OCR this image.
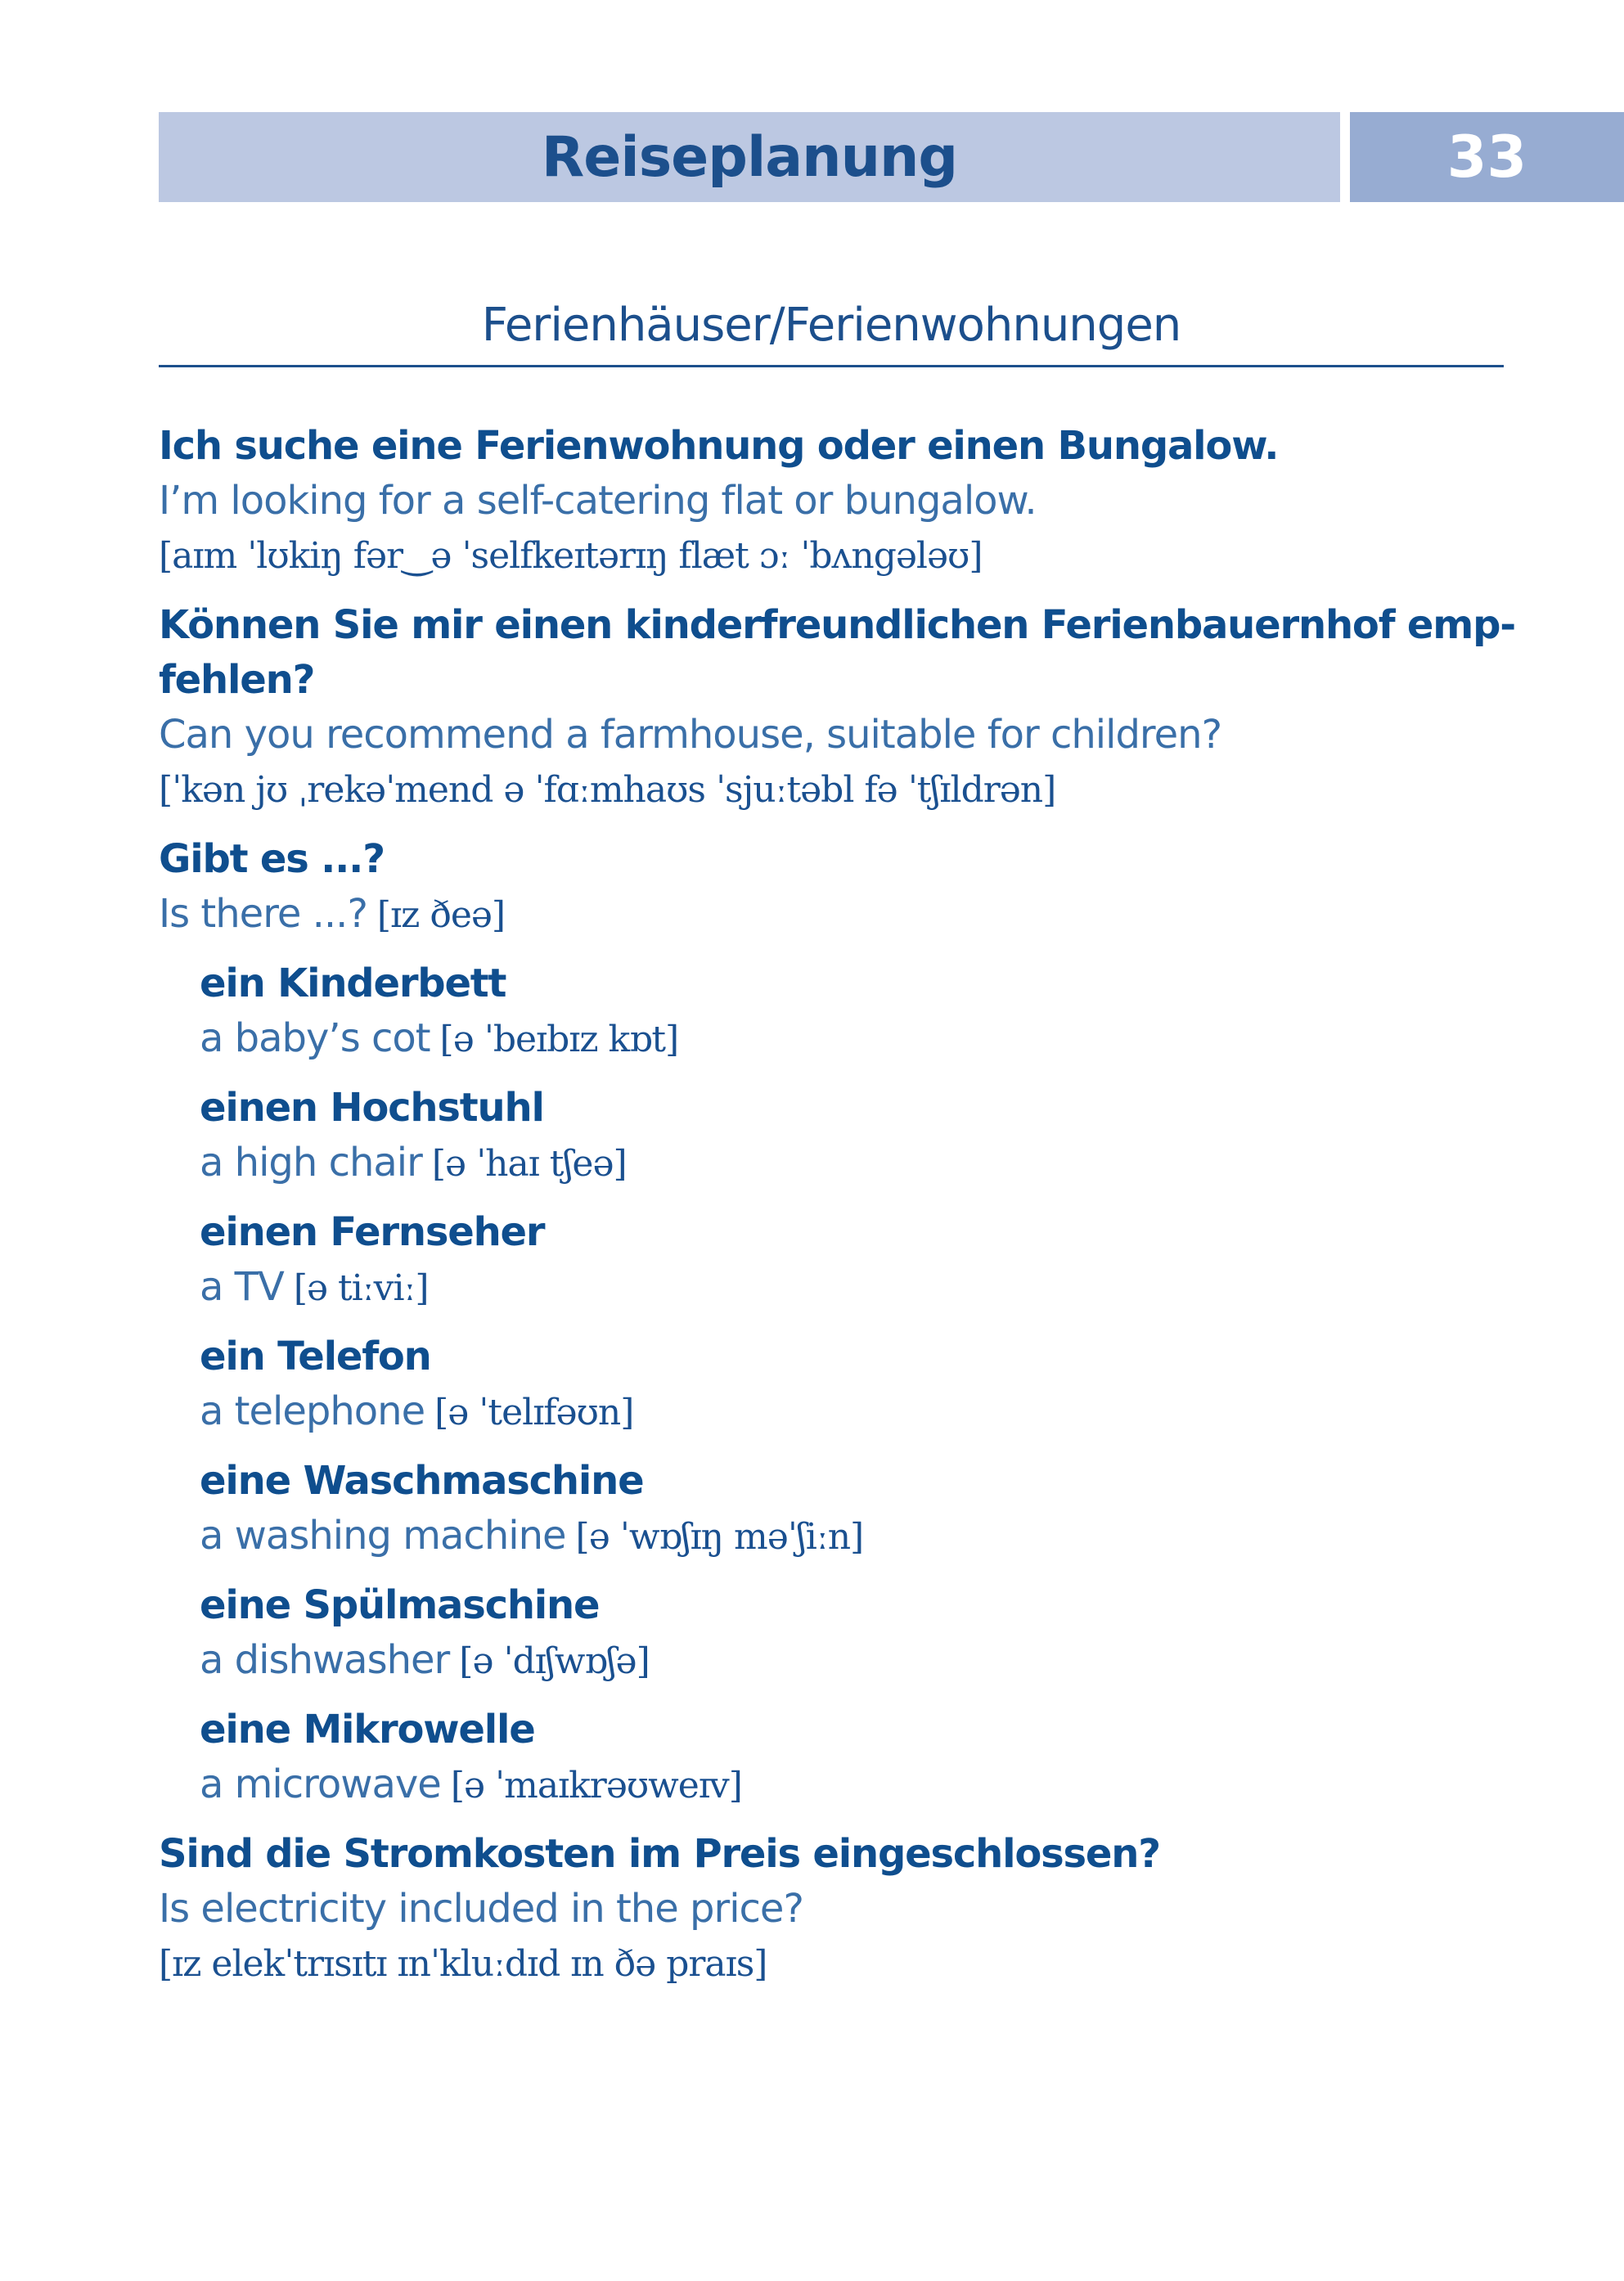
Reiseplanung	33
Ferienhäuser/Ferienwohnungen
Ich suche eine Ferienwohnung oder einen Bungalow.
I’m looking for a self-catering flat or bungalow.
[aɪm ˈlʊkiŋ fər‿ə ˈselfkeɪtərɪŋ flæt ɔː ˈbʌngələʊ]
Können Sie mir einen kinderfreundlichen Ferienbauernhof emp-
fehlen?
Can you recommend a farmhouse, suitable for children?
[ˈkən jʊ ˌrekəˈmend ə ˈfɑːmhaʊs ˈsjuːtəbl fə ˈtʃɪldrən]
Gibt es ...?
Is there ...? [ɪz ðeə]
ein Kinderbett
a baby’s cot [ə ˈbeɪbɪz kɒt]
einen Hochstuhl
a high chair [ə ˈhaɪ tʃeə]
einen Fernseher
a TV [ə tiːviː]
ein Telefon
a telephone [ə ˈtelɪfəʊn]
eine Waschmaschine
a washing machine [ə ˈwɒʃɪŋ məˈʃiːn]
eine Spülmaschine
a dishwasher [ə ˈdɪʃwɒʃə]
eine Mikrowelle
a microwave [ə ˈmaɪkrəʊweɪv]
Sind die Stromkosten im Preis eingeschlossen?
Is electricity included in the price?
[ɪz elekˈtrɪsɪtɪ ɪnˈkluːdɪd ɪn ðə praɪs]
